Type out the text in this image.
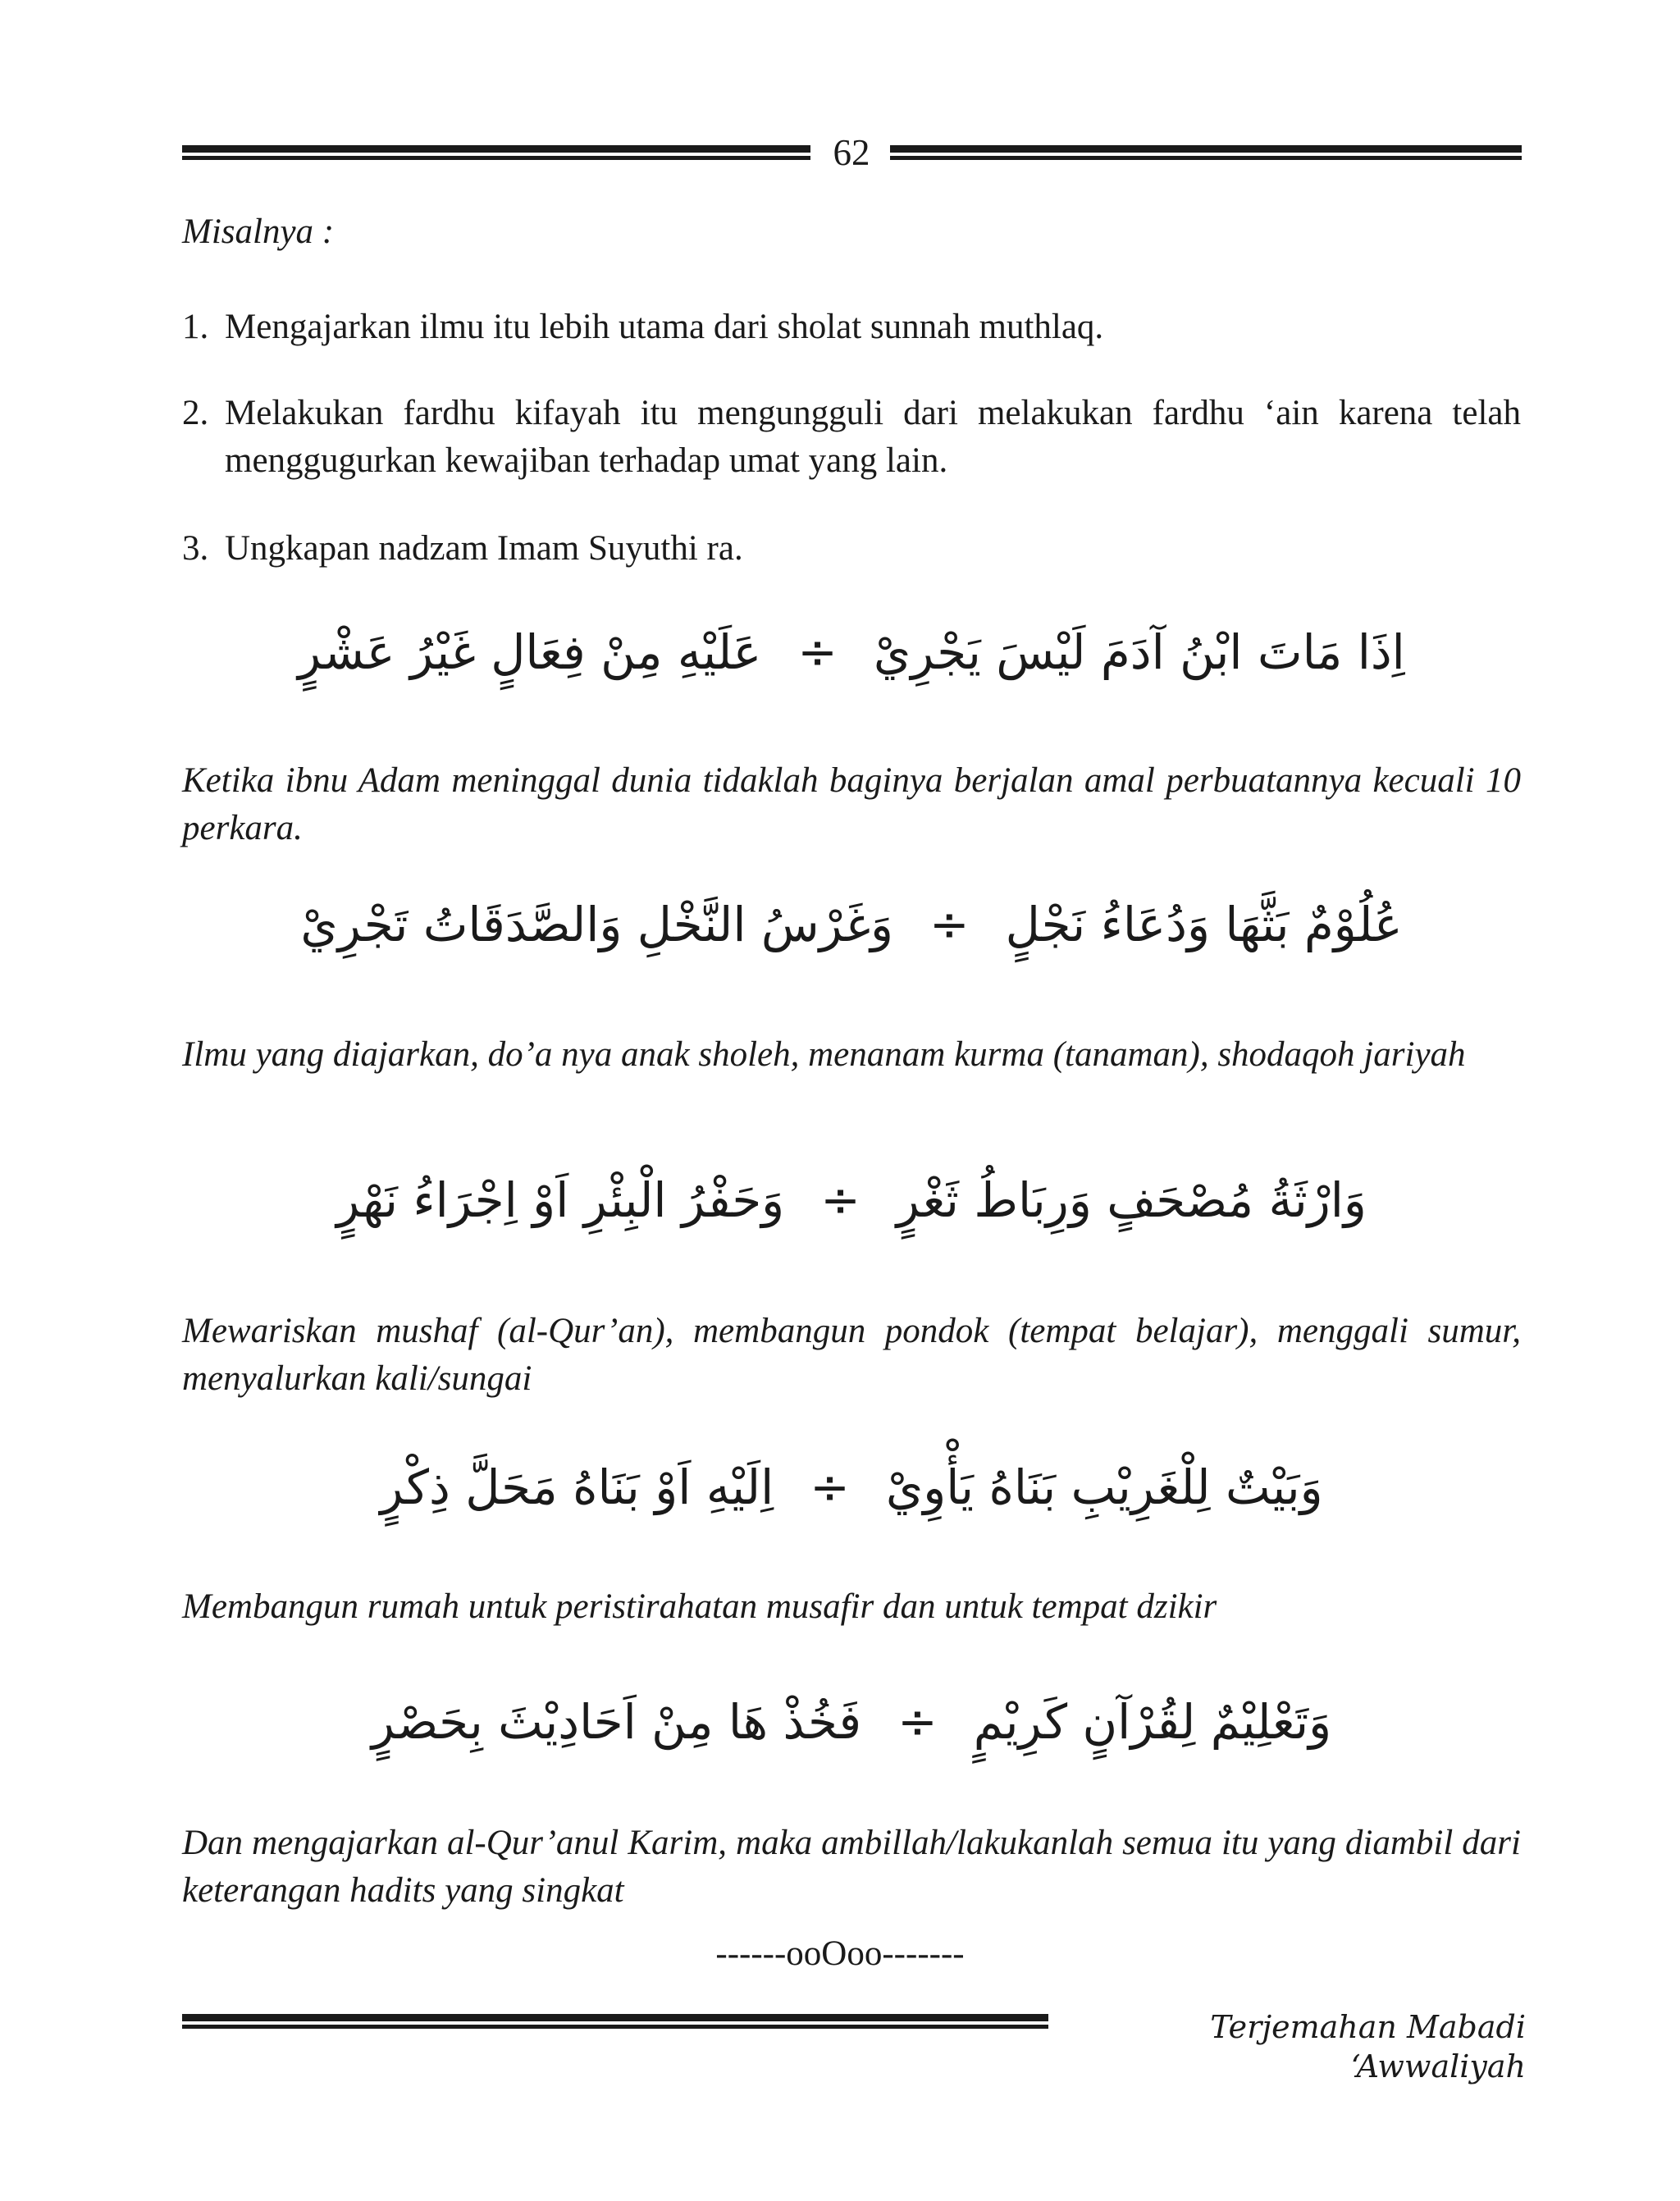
62
Misalnya :
1. Mengajarkan ilmu itu lebih utama dari sholat sunnah muthlaq.
2. Melakukan fardhu kifayah itu mengungguli dari melakukan fardhu ‘ain karena telah menggugurkan kewajiban terhadap umat yang lain.
3. Ungkapan nadzam Imam Suyuthi ra.
اِذَا مَاتَ ابْنُ آدَمَ لَيْسَ يَجْرِيْ÷عَلَيْهِ مِنْ فِعَالٍ غَيْرُ عَشْرٍ
Ketika ibnu Adam meninggal dunia tidaklah baginya berjalan amal perbuatannya kecuali 10 perkara.
عُلُوْمٌ بَثَّهَا وَدُعَاءُ نَجْلٍ÷وَغَرْسُ النَّخْلِ وَالصَّدَقَاتُ تَجْرِيْ
Ilmu yang diajarkan, do’a nya anak sholeh, menanam kurma (tanaman), shodaqoh jariyah
وَارْثَةُ مُصْحَفٍ وَرِبَاطُ ثَغْرٍ÷وَحَفْرُ الْبِئْرِ اَوْ اِجْرَاءُ نَهْرٍ
Mewariskan mushaf (al-Qur’an), membangun pondok (tempat belajar), menggali sumur, menyalurkan kali/sungai
وَبَيْتٌ لِلْغَرِيْبِ بَنَاهُ يَأْوِيْ÷اِلَيْهِ اَوْ بَنَاهُ مَحَلَّ ذِكْرٍ
Membangun rumah untuk peristirahatan musafir dan untuk tempat dzikir
وَتَعْلِيْمٌ لِقُرْآنٍ كَرِيْمٍ÷فَخُذْ هَا مِنْ اَحَادِيْثَ بِحَصْرٍ
Dan mengajarkan al-Qur’anul Karim, maka ambillah/lakukanlah semua itu yang diambil dari keterangan hadits yang singkat
------ooOoo-------
Terjemahan Mabadi ‘Awwaliyah
